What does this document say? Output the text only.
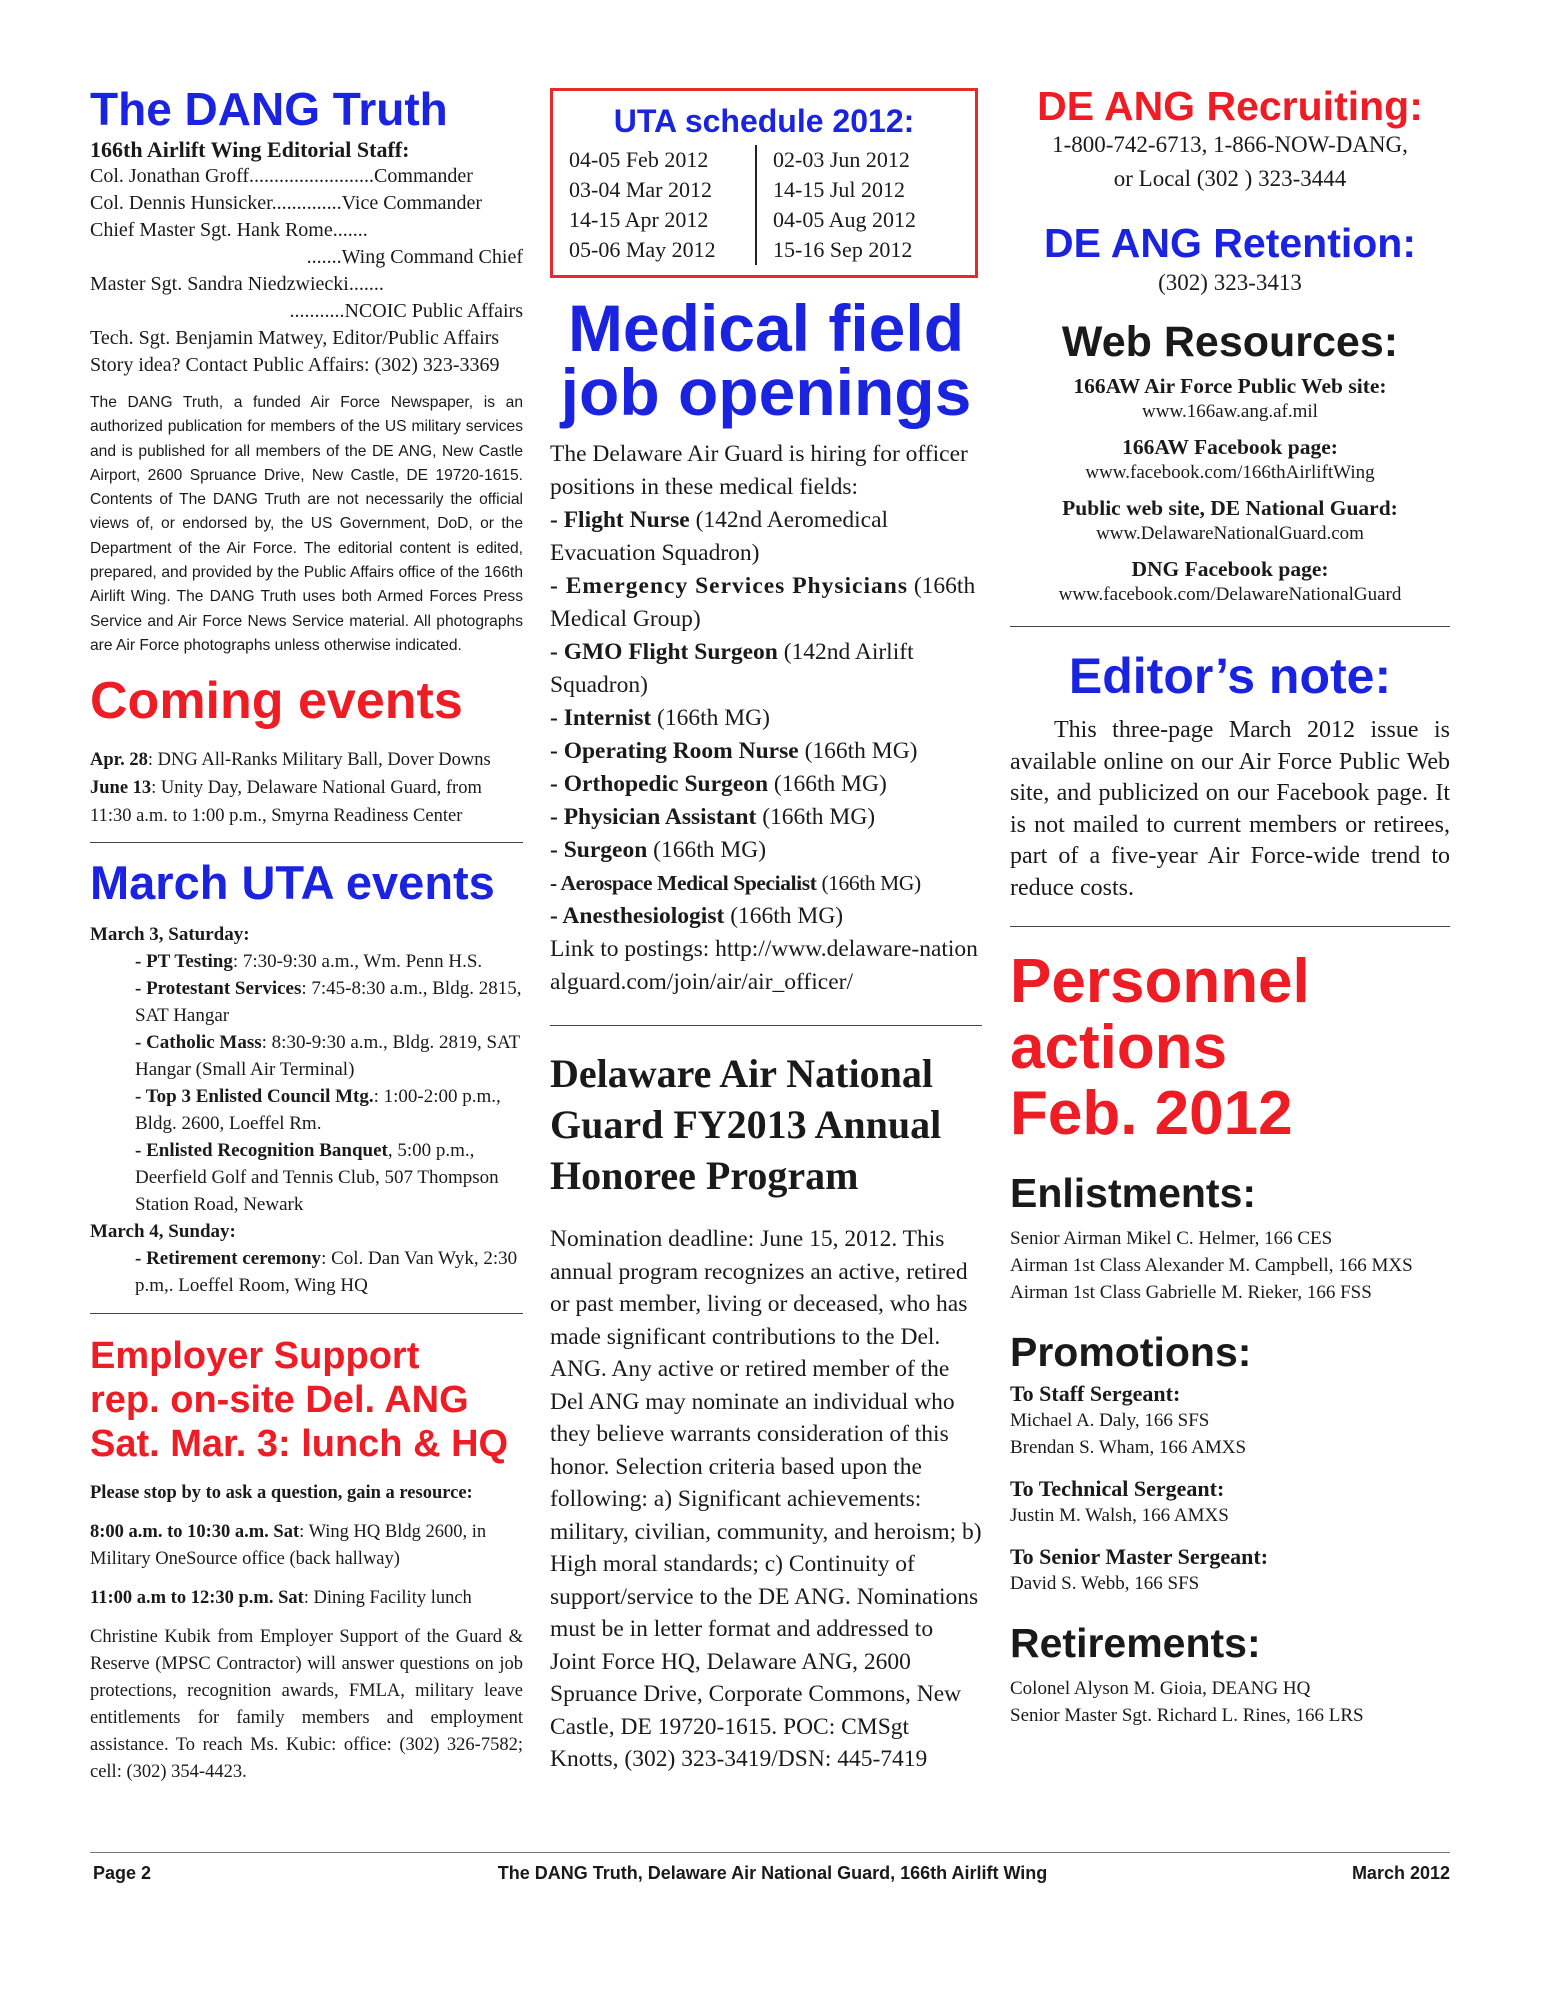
The DANG Truth
166th Airlift Wing Editorial Staff:
Col. Jonathan Groff.........................Commander
Col. Dennis Hunsicker..............Vice Commander
Chief Master Sgt. Hank Rome.......
.......Wing Command Chief
Master Sgt. Sandra Niedzwiecki.......
...........NCOIC Public Affairs
Tech. Sgt. Benjamin Matwey, Editor/Public Affairs
Story idea? Contact Public Affairs: (302) 323-3369

The DANG Truth, a funded Air Force Newspaper, is an authorized publication for members of the US military services and is published for all members of the DE ANG, New Castle Airport, 2600 Spruance Drive, New Castle, DE 19720-1615. Contents of The DANG Truth are not necessarily the official views of, or endorsed by, the US Government, DoD, or the Department of the Air Force. The editorial content is edited, prepared, and provided by the Public Affairs office of the 166th Airlift Wing. The DANG Truth uses both Armed Forces Press Service and Air Force News Service material. All photographs are Air Force photographs unless otherwise indicated.

Coming events
Apr. 28: DNG All-Ranks Military Ball, Dover Downs
June 13: Unity Day, Delaware National Guard, from 11:30 a.m. to 1:00 p.m., Smyrna Readiness Center
March UTA events
March 3, Saturday:
- PT Testing: 7:30-9:30 a.m., Wm. Penn H.S.
- Protestant Services: 7:45-8:30 a.m., Bldg. 2815, SAT Hangar
- Catholic Mass: 8:30-9:30 a.m., Bldg. 2819, SAT Hangar (Small Air Terminal)
- Top 3 Enlisted Council Mtg.: 1:00-2:00 p.m., Bldg. 2600, Loeffel Rm.
- Enlisted Recognition Banquet, 5:00 p.m., Deerfield Golf and Tennis Club, 507 Thompson Station Road, Newark
March 4, Sunday:
- Retirement ceremony: Col. Dan Van Wyk, 2:30 p.m,. Loeffel Room, Wing HQ
Employer Support
rep. on-site Del. ANG
Sat. Mar. 3: lunch & HQ
Please stop by to ask a question, gain a resource:
8:00 a.m. to 10:30 a.m. Sat: Wing HQ Bldg 2600, in Military OneSource office (back hallway)
11:00 a.m to 12:30 p.m. Sat: Dining Facility lunch

Christine Kubik from Employer Support of the Guard & Reserve (MPSC Contractor) will answer questions on job protections, recognition awards, FMLA, military leave entitlements for family members and employment assistance. To reach Ms. Kubic: office: (302) 326-7582; cell: (302) 354-4423.

UTA schedule 2012:
04-05 Feb 2012
03-04 Mar 2012
14-15 Apr 2012
05-06 May 2012
02-03 Jun 2012
14-15 Jul 2012
04-05 Aug 2012
15-16 Sep 2012
Medical field
job openings
The Delaware Air Guard is hiring for officer positions in these medical fields:
- Flight Nurse (142nd Aeromedical Evacuation Squadron)
- Emergency Services Physicians (166th Medical Group)
- GMO Flight Surgeon (142nd Airlift Squadron)
- Internist (166th MG)
- Operating Room Nurse (166th MG)
- Orthopedic Surgeon (166th MG)
- Physician Assistant (166th MG)
- Surgeon (166th MG)
- Aerospace Medical Specialist (166th MG)
- Anesthesiologist (166th MG)
Link to postings: http://www.delaware-nationalguard.com/join/air/air_officer/
Delaware Air National
Guard FY2013 Annual
Honoree Program

Nomination deadline: June 15, 2012. This annual program recognizes an active, retired or past member, living or deceased, who has made significant contributions to the Del. ANG. Any active or retired member of the Del ANG may nominate an individual who they believe warrants consideration of this honor. Selection criteria based upon the following: a) Significant achievements: military, civilian, community, and heroism; b) High moral standards; c) Continuity of support/service to the DE ANG. Nominations must be in letter format and addressed to Joint Force HQ, Delaware ANG, 2600 Spruance Drive, Corporate Commons, New Castle, DE 19720-1615. POC: CMSgt Knotts, (302) 323-3419/DSN: 445-7419

DE ANG Recruiting:
1-800-742-6713, 1-866-NOW-DANG,
or Local (302 ) 323-3444
DE ANG Retention:
(302) 323-3413
Web Resources:
166AW Air Force Public Web site:
www.166aw.ang.af.mil
166AW Facebook page:
www.facebook.com/166thAirliftWing
Public web site, DE National Guard:
www.DelawareNationalGuard.com
DNG Facebook page:
www.facebook.com/DelawareNationalGuard
Editor’s note:

This three-page March 2012 issue is available online on our Air Force Public Web site, and publicized on our Facebook page. It is not mailed to current members or retirees, part of a five-year Air Force-wide trend to reduce costs.

Personnel
actions
Feb. 2012
Enlistments:
Senior Airman Mikel C. Helmer, 166 CES
Airman 1st Class Alexander M. Campbell, 166 MXS
Airman 1st Class Gabrielle M. Rieker, 166 FSS
Promotions:
To Staff Sergeant:
Michael A. Daly, 166 SFS
Brendan S. Wham, 166 AMXS
To Technical Sergeant:
Justin M. Walsh, 166 AMXS
To Senior Master Sergeant:
David S. Webb, 166 SFS
Retirements:
Colonel Alyson M. Gioia, DEANG HQ
Senior Master Sgt. Richard L. Rines, 166 LRS
Page 2	The DANG Truth, Delaware Air National Guard, 166th Airlift Wing	March 2012
